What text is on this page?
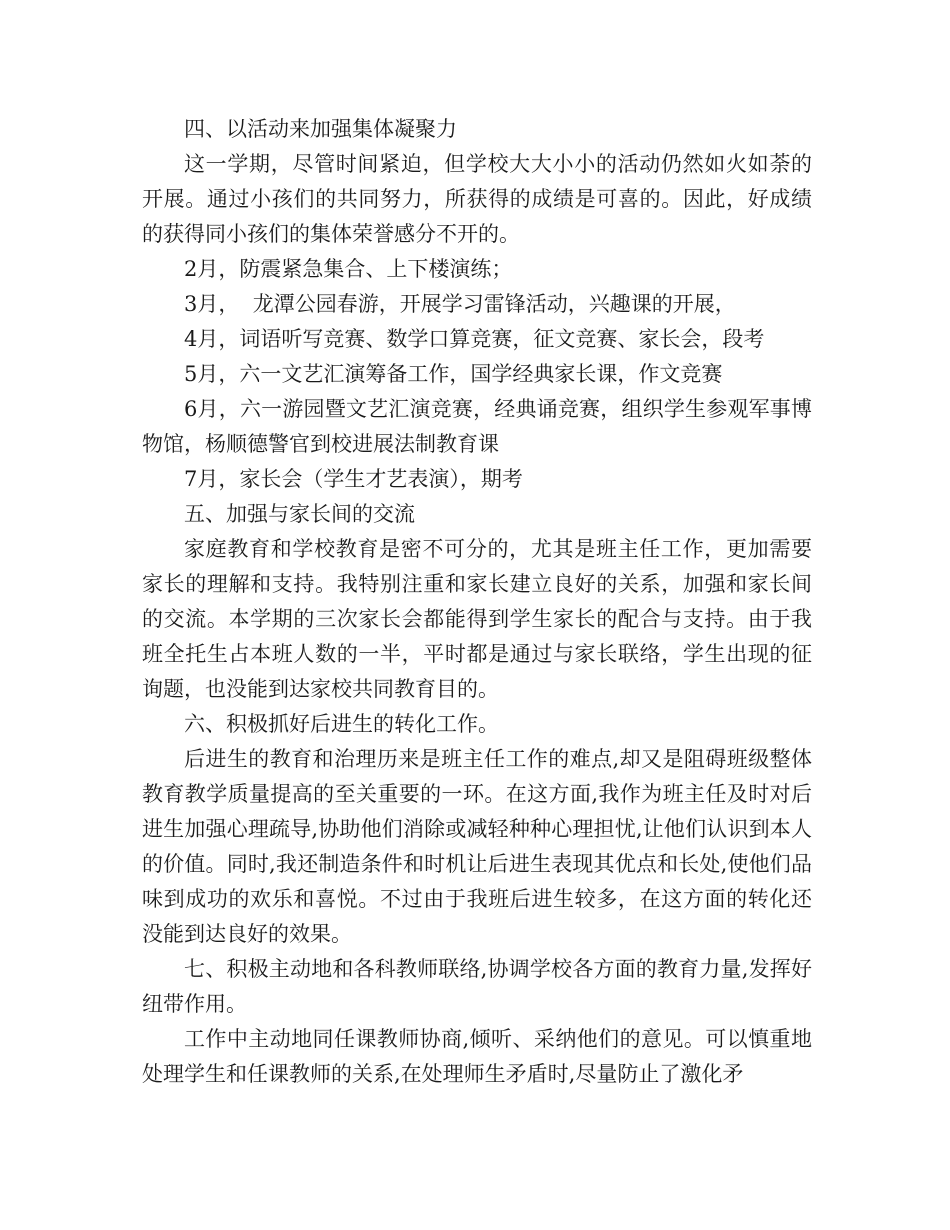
四、以活动来加强集体凝聚力

这一学期，尽管时间紧迫，但学校大大小小的活动仍然如火如荼的开展。通过小孩们的共同努力，所获得的成绩是可喜的。因此，好成绩的获得同小孩们的集体荣誉感分不开的。

2月，防震紧急集合、上下楼演练；

3月，  龙潭公园春游，开展学习雷锋活动，兴趣课的开展，

4月，词语听写竞赛、数学口算竞赛，征文竞赛、家长会，段考

5月，六一文艺汇演筹备工作，国学经典家长课，作文竞赛

6月，六一游园暨文艺汇演竞赛，经典诵竞赛，组织学生参观军事博物馆，杨顺德警官到校进展法制教育课

7月，家长会（学生才艺表演），期考

五、加强与家长间的交流

家庭教育和学校教育是密不可分的，尤其是班主任工作，更加需要家长的理解和支持。我特别注重和家长建立良好的关系，加强和家长间的交流。本学期的三次家长会都能得到学生家长的配合与支持。由于我班全托生占本班人数的一半，平时都是通过与家长联络，学生出现的征询题，也没能到达家校共同教育目的。

六、积极抓好后进生的转化工作。

后进生的教育和治理历来是班主任工作的难点,却又是阻碍班级整体教育教学质量提高的至关重要的一环。在这方面,我作为班主任及时对后进生加强心理疏导,协助他们消除或减轻种种心理担忧,让他们认识到本人的价值。同时,我还制造条件和时机让后进生表现其优点和长处,使他们品味到成功的欢乐和喜悦。不过由于我班后进生较多，在这方面的转化还没能到达良好的效果。

七、积极主动地和各科教师联络,协调学校各方面的教育力量,发挥好纽带作用。

工作中主动地同任课教师协商,倾听、采纳他们的意见。可以慎重地处理学生和任课教师的关系,在处理师生矛盾时,尽量防止了激化矛
